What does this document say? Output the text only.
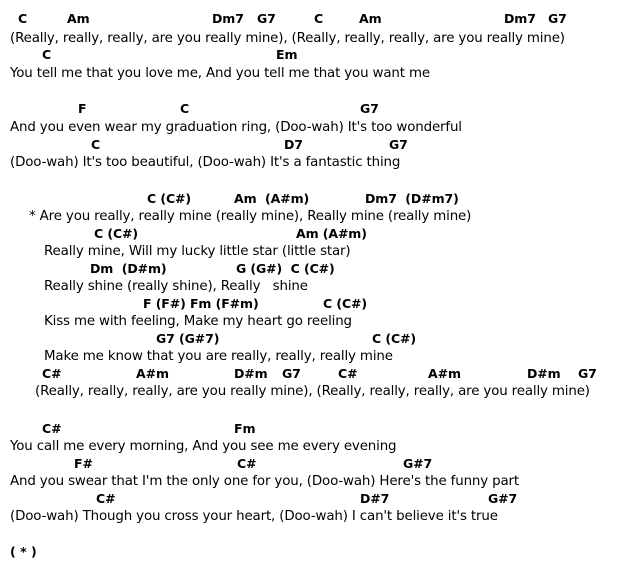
C	Am	Dm7 G7	C	Am	Dm7 G7
(Really, really, really, are you really mine), (Really, really, really, are you really mine)
C	Em
You tell me that you love me, And you tell me that you want me
F	C	G7
And you even wear my graduation ring, (Doo-wah) It's too wonderful
C	D7	G7
(Doo-wah) It's too beautiful, (Doo-wah) It's a fantastic thing
C (C#)	Am  (A#m)	Dm7  (D#m7)
* Are you really, really mine (really mine), Really mine (really mine)
C (C#)	Am (A#m)
Really mine, Will my lucky little star (little star)
Dm  (D#m)	G (G#)  C (C#)
Really shine (really shine), Really   shine
F (F#) Fm (F#m)	C (C#)
Kiss me with feeling, Make my heart go reeling
G7 (G#7)	C (C#)
Make me know that you are really, really, really mine
C#	A#m	D#m G7	C#	A#m	D#m G7
(Really, really, really, are you really mine), (Really, really, really, are you really mine)
C#	Fm
You call me every morning, And you see me every evening
F#	C#	G#7
And you swear that I'm the only one for you, (Doo-wah) Here's the funny part
C#	D#7	G#7
(Doo-wah) Though you cross your heart, (Doo-wah) I can't believe it's true
( * )
